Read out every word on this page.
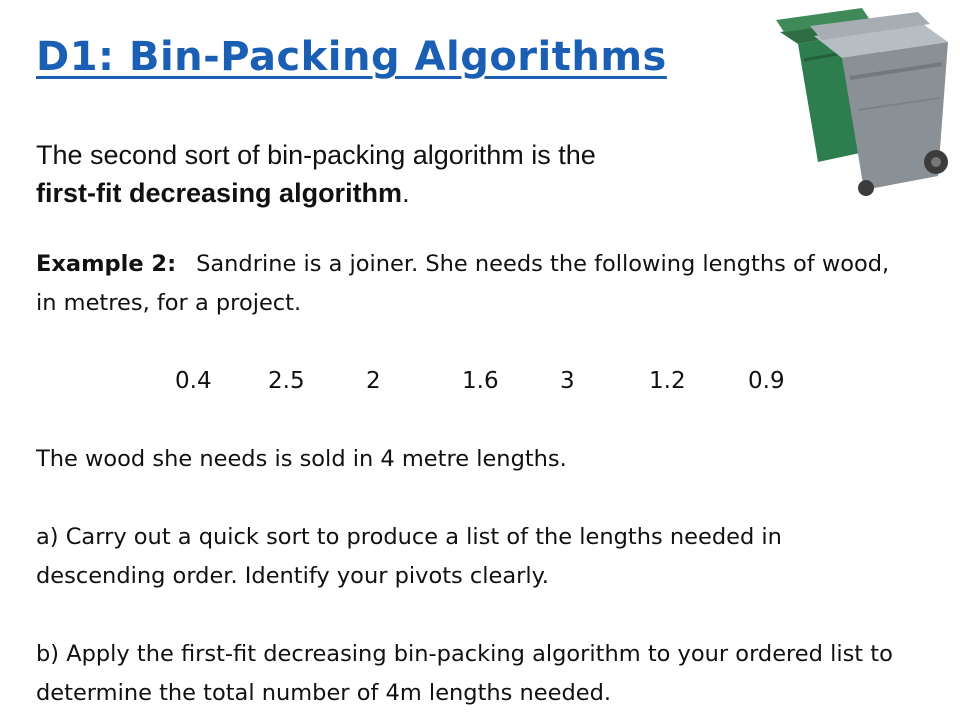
D1: Bin-Packing Algorithms
The second sort of bin-packing algorithm is the
first-fit decreasing algorithm.

Example 2: Sandrine is a joiner. She needs the following lengths of wood, in metres, for a project.

0.4 2.5	2	1.6	3	1.2	0.9

The wood she needs is sold in 4 metre lengths.

a) Carry out a quick sort to produce a list of the lengths needed in descending order. Identify your pivots clearly.

b) Apply the first-fit decreasing bin-packing algorithm to your ordered list to determine the total number of 4m lengths needed.
